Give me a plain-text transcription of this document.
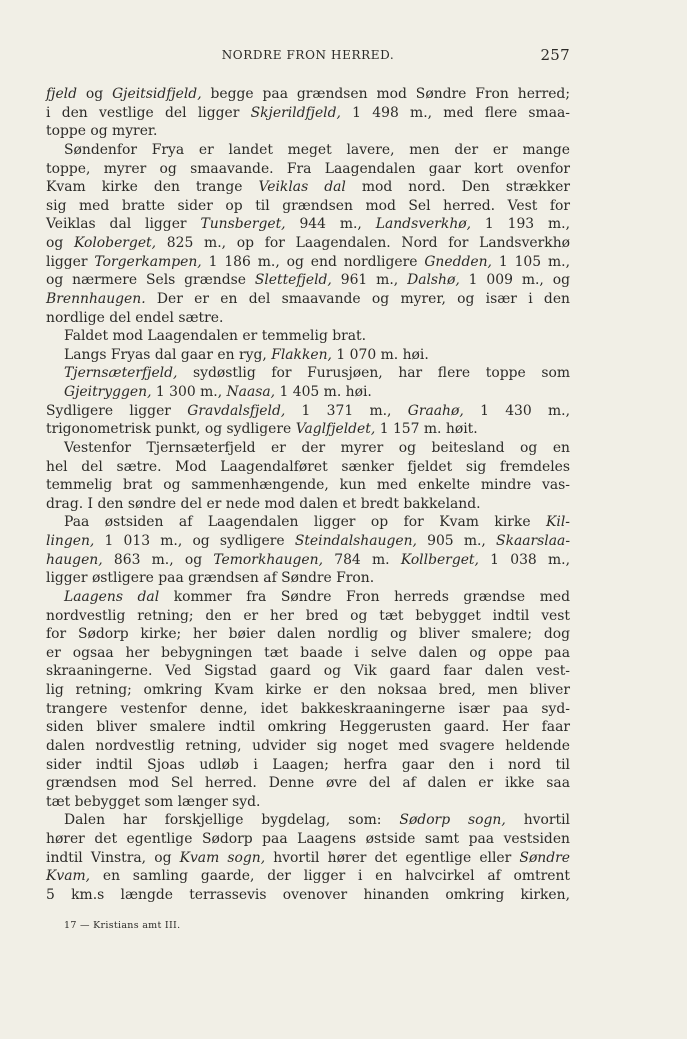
NORDRE FRON HERRED.	257
fjeld og Gjeitsidfjeld, begge paa grændsen mod Søndre Fron herred;
i den vestlige del ligger Skjerildfjeld, 1 498 m., med flere smaa-
toppe og myrer.
Søndenfor Frya er landet meget lavere, men der er mange
toppe, myrer og smaavande. Fra Laagendalen gaar kort ovenfor
Kvam kirke den trange Veiklas dal mod nord. Den strækker
sig med bratte sider op til grændsen mod Sel herred. Vest for
Veiklas dal ligger Tunsberget, 944 m., Landsverkhø, 1 193 m.,
og Koloberget, 825 m., op for Laagendalen. Nord for Landsverkhø
ligger Torgerkampen, 1 186 m., og end nordligere Gnedden, 1 105 m.,
og nærmere Sels grændse Slettefjeld, 961 m., Dalshø, 1 009 m., og
Brennhaugen. Der er en del smaavande og myrer, og især i den
nordlige del endel sætre.
Faldet mod Laagendalen er temmelig brat.
Langs Fryas dal gaar en ryg, Flakken, 1 070 m. høi.
Tjernsæterfjeld, sydøstlig for Furusjøen, har flere toppe som
Gjeitryggen, 1 300 m., Naasa, 1 405 m. høi.
Sydligere ligger Gravdalsfjeld, 1 371 m., Graahø, 1 430 m.,
trigonometrisk punkt, og sydligere Vaglfjeldet, 1 157 m. høit.
Vestenfor Tjernsæterfjeld er der myrer og beitesland og en
hel del sætre. Mod Laagendalføret sænker fjeldet sig fremdeles
temmelig brat og sammenhængende, kun med enkelte mindre vas-
drag. I den søndre del er nede mod dalen et bredt bakkeland.
Paa østsiden af Laagendalen ligger op for Kvam kirke Kil-
lingen, 1 013 m., og sydligere Steindalshaugen, 905 m., Skaarslaa-
haugen, 863 m., og Temorkhaugen, 784 m. Kollberget, 1 038 m.,
ligger østligere paa grændsen af Søndre Fron.
Laagens dal kommer fra Søndre Fron herreds grændse med
nordvestlig retning; den er her bred og tæt bebygget indtil vest
for Sødorp kirke; her bøier dalen nordlig og bliver smalere; dog
er ogsaa her bebygningen tæt baade i selve dalen og oppe paa
skraaningerne. Ved Sigstad gaard og Vik gaard faar dalen vest-
lig retning; omkring Kvam kirke er den noksaa bred, men bliver
trangere vestenfor denne, idet bakkeskraaningerne især paa syd-
siden bliver smalere indtil omkring Heggerusten gaard. Her faar
dalen nordvestlig retning, udvider sig noget med svagere heldende
sider indtil Sjoas udløb i Laagen; herfra gaar den i nord til
grændsen mod Sel herred. Denne øvre del af dalen er ikke saa
tæt bebygget som længer syd.
Dalen har forskjellige bygdelag, som: Sødorp sogn, hvortil
hører det egentlige Sødorp paa Laagens østside samt paa vestsiden
indtil Vinstra, og Kvam sogn, hvortil hører det egentlige eller Søndre
Kvam, en samling gaarde, der ligger i en halvcirkel af omtrent
5 km.s længde terrassevis ovenover hinanden omkring kirken,
17 — Kristians amt III.
